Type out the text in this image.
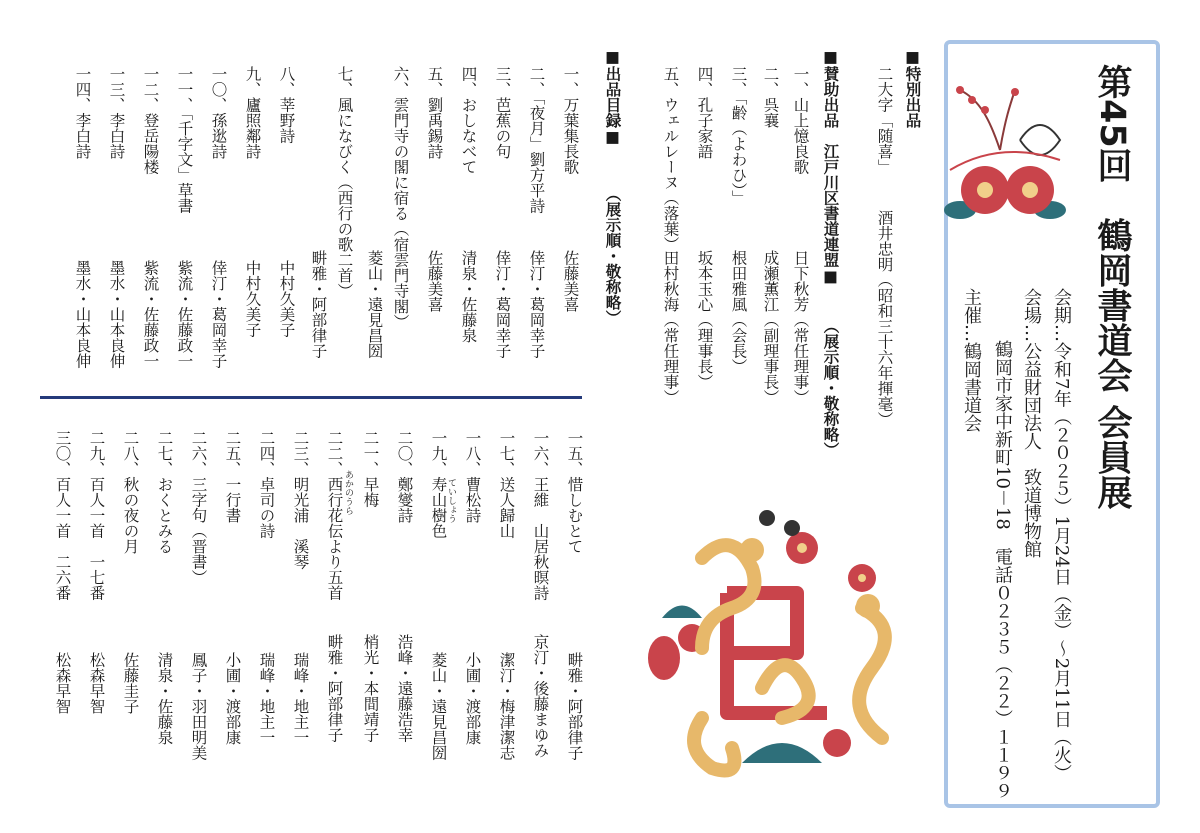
第45回　鶴岡書道会 会員展
会期…令和7年（２０２５）1月24日（金）～2月11日（火）
会場…公益財団法人　致道博物館
鶴岡市家中新町10－18　電話０２３５（２２）１１９９
主催…鶴岡書道会
■特別出品
二大字「随喜」
酒井忠明（昭和三十六年揮毫）
■賛助出品　江戸川区書道連盟■
（展示順・敬称略）
一、山上憶良歌
日下秋芳（常任理事）
二、呉襄
成瀬薫江（副理事長）
三、「齢（よわひ）」
根田雅風（会長）
四、孔子家語
坂本玉心（理事長）
五、ウェルレーヌ（落葉）
田村秋海（常任理事）
■出品目録■
（展示順・敬称略）
一、万葉集長歌
佐藤美喜
二、「夜月」劉方平詩
倖汀・葛岡幸子
三、芭蕉の句
倖汀・葛岡幸子
四、おしなべて
清泉・佐藤泉
五、劉禹錫詩
佐藤美喜
六、雲門寺の閣に宿る（宿雲門寺閣）
菱山・遠見昌圀
七、風になびく（西行の歌二首）
畊雅・阿部律子
八、莘野詩
中村久美子
九、廬照鄰詩
中村久美子
一〇、孫逖詩
倖汀・葛岡幸子
一一、「千字文」草書
紫流・佐藤政一
一二、登岳陽楼
紫流・佐藤政一
一三、李白詩
墨水・山本良伸
一四、李白詩
墨水・山本良伸
一五、惜しむとて
畊雅・阿部律子
一六、王維　山居秋暝詩
京汀・後藤まゆみ
一七、送人歸山
潔汀・梅津潔志
一八、曹松詩
小圃・渡部康
一九、寿山樹色
ていしょう
菱山・遠見昌圀
二〇、鄭燮詩
浩峰・遠藤浩幸
二一、早梅
梢光・本間靖子
二二、西行花伝より五首 あかのうら
畊雅・阿部律子
二三、明光浦　溪琴
瑞峰・地主一
二四、卓司の詩
瑞峰・地主一
二五、一行書
小圃・渡部康
二六、三字句（晋書）
鳳子・羽田明美
二七、おくとみる
清泉・佐藤泉
二八、秋の夜の月
佐藤圭子
二九、百人一首　一七番
松森早智
三〇、百人一首　二六番
松森早智
